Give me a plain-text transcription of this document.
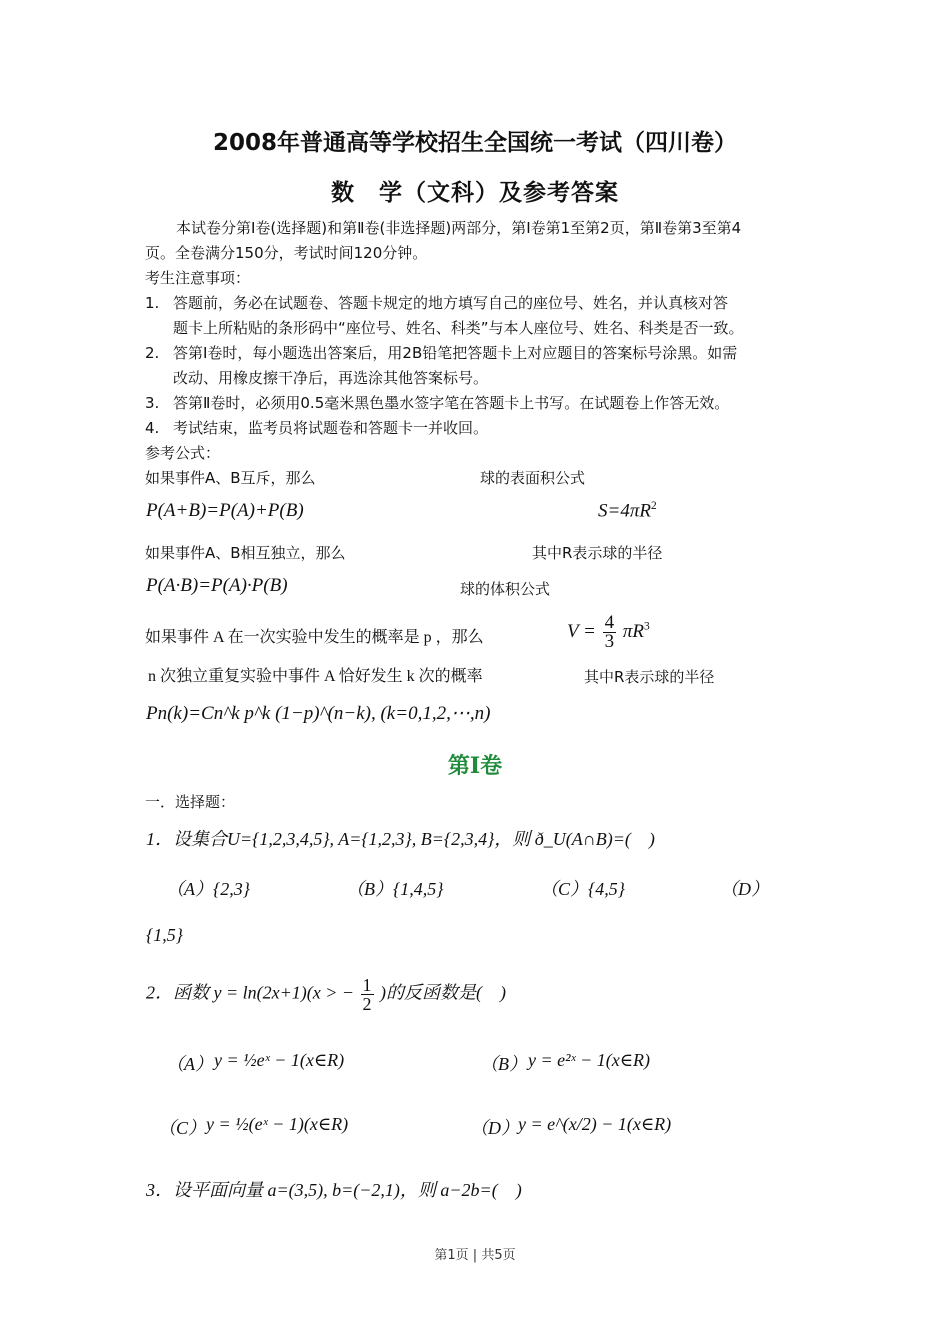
2008年普通高等学校招生全国统一考试（四川卷）
数　学（文科）及参考答案
本试卷分第Ⅰ卷(选择题)和第Ⅱ卷(非选择题)两部分，第Ⅰ卷第1至第2页，第Ⅱ卷第3至第4
页。全卷满分150分，考试时间120分钟。
考生注意事项：
1. 答题前，务必在试题卷、答题卡规定的地方填写自己的座位号、姓名，并认真核对答
题卡上所粘贴的条形码中“座位号、姓名、科类”与本人座位号、姓名、科类是否一致。
2. 答第Ⅰ卷时，每小题选出答案后，用2B铅笔把答题卡上对应题目的答案标号涂黑。如需
改动、用橡皮擦干净后，再选涂其他答案标号。
3. 答第Ⅱ卷时，必须用0.5毫米黑色墨水签字笔在答题卡上书写。在试题卷上作答无效。
4. 考试结束，监考员将试题卷和答题卡一并收回。
参考公式：
如果事件A、B互斥，那么	球的表面积公式
P(A+B)=P(A)+P(B)	$S=4\pi R^2$
如果事件A、B相互独立，那么	其中R表示球的半径
P(A·B)=P(A)·P(B)	球的体积公式
如果事件 A 在一次实验中发生的概率是 p ，那么	$V = \frac{4}{3} \pi R^3$
n 次独立重复实验中事件 A 恰好发生 k 次的概率	其中R表示球的半径
Pn(k)=Cn^k p^k (1−p)^(n−k), (k=0,1,2,⋯,n)
第Ⅰ卷
一．选择题：
1．设集合U={1,2,3,4,5}, A={1,2,3}, B={2,3,4}，则 ð_U(A∩B)=(　)
（A）{2,3}	（B）{1,4,5}	（C）{4,5}	（D）
{1,5}
2．函数 y = ln(2x+1)(x > − $\frac{1}{2}$ )的反函数是(　)
（A） y = ½eˣ − 1(x∈R)	（B） y = e²ˣ − 1(x∈R)
（C） y = ½(eˣ − 1)(x∈R)	（D） y = e^(x/2) − 1(x∈R)
3．设平面向量 a=(3,5), b=(−2,1)，则 a−2b=(　)
第1页 | 共5页
